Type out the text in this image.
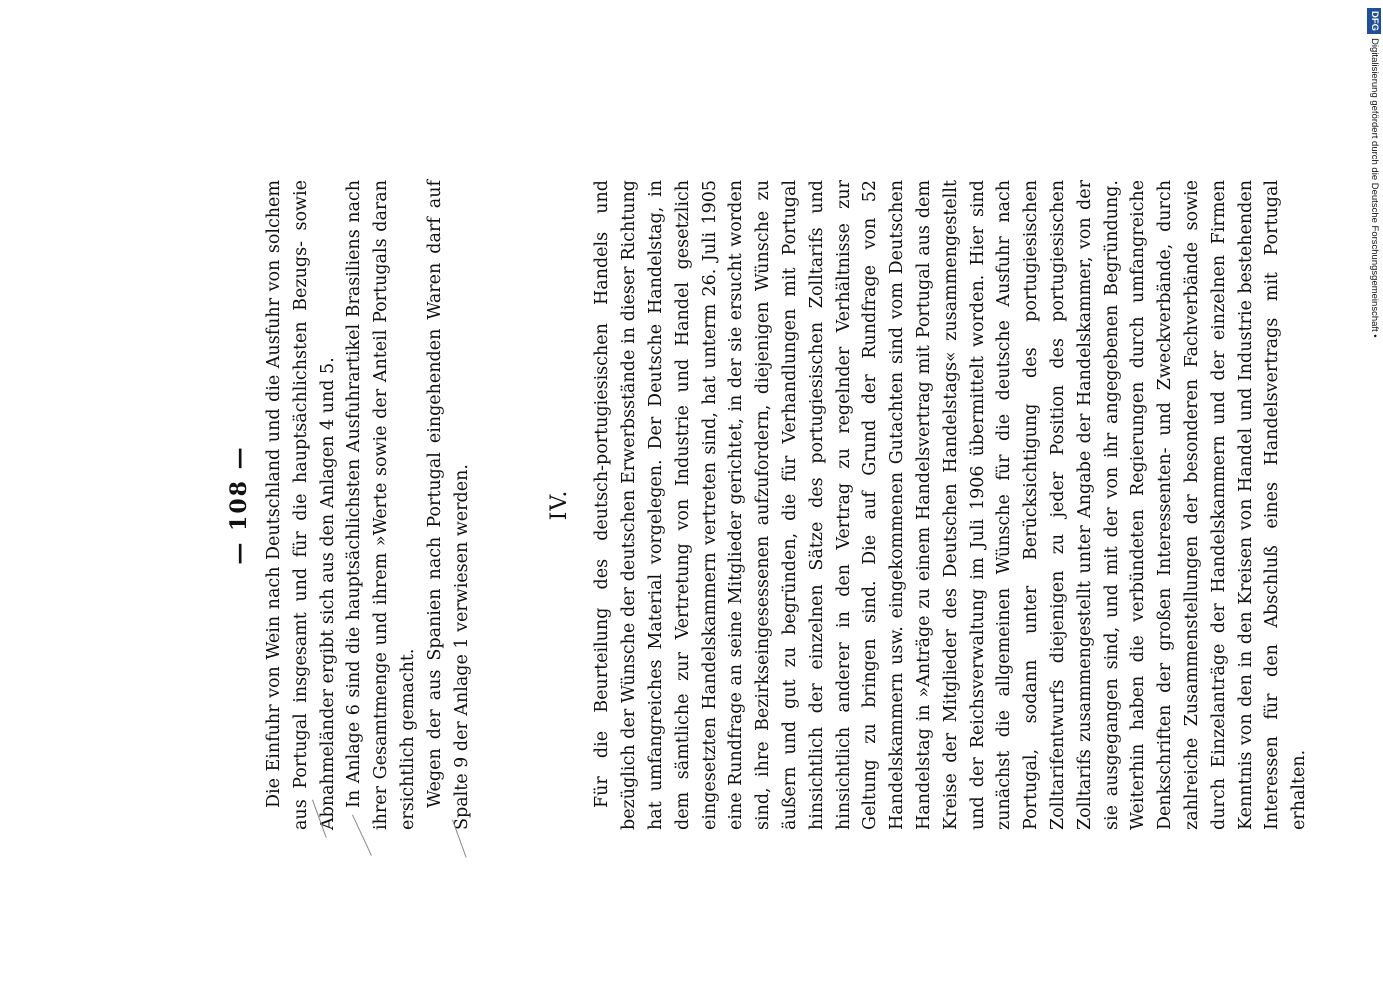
— 108 — Die Einfuhr von Wein nach Deutschland und die Ausfuhr von solchem aus Portugal insgesamt und für die hauptsächlichsten Bezugs- sowie Abnahmeländer ergibt sich aus den Anlagen 4 und 5. In Anlage 6 sind die hauptsächlichsten Ausfuhrartikel Brasiliens nach ihrer Gesamtmenge und ihrem »Werte sowie der Anteil Portugals daran ersichtlich gemacht. Wegen der aus Spanien nach Portugal eingehenden Waren darf auf Spalte 9 der Anlage 1 verwiesen werden.	IV. Für die Beurteilung des deutsch-portugiesischen Handels und bezüglich der Wünsche der deutschen Erwerbsstände in dieser Richtung hat umfangreiches Material vorgelegen. Der Deutsche Handelstag, in dem sämtliche zur Vertretung von Industrie und Handel gesetzlich eingesetzten Handelskammern vertreten sind, hat unterm 26. Juli 1905 eine Rundfrage an seine Mitglieder gerichtet, in der sie ersucht worden sind, ihre Bezirkseingesessenen aufzufordern, diejenigen Wünsche zu äußern und gut zu begründen, die für Verhandlungen mit Portugal hinsichtlich der einzelnen Sätze des portugiesischen Zolltarifs und hinsichtlich anderer in den Vertrag zu regelnder Verhältnisse zur Geltung zu bringen sind. Die auf Grund der Rundfrage von 52 Handelskammern usw. eingekommenen Gutachten sind vom Deutschen Handelstag in »Anträge zu einem Handelsvertrag mit Portugal aus dem Kreise der Mitglieder des Deutschen Handelstags« zusammengestellt und der Reichsverwaltung im Juli 1906 übermittelt worden. Hier sind zunächst die allgemeinen Wünsche für die deutsche Ausfuhr nach Portugal, sodann unter Berücksichtigung des portugiesischen Zolltarifentwurfs diejenigen zu jeder Position des portugiesischen Zolltarifs zusammengestellt unter Angabe der Handelskammer, von der sie ausgegangen sind, und mit der von ihr angegebenen Begründung. Weiterhin haben die verbündeten Regierungen durch umfangreiche Denkschriften der großen Interessenten- und Zweckverbände, durch zahlreiche Zusammenstellungen der besonderen Fachverbände sowie durch Einzelanträge der Handelskammern und der einzelnen Firmen Kenntnis von den in den Kreisen von Handel und Industrie bestehenden Interessen für den Abschluß eines Handelsvertrags mit Portugal erhalten.

DFGDigitalisierung gefördert durch die Deutsche Forschungsgemeinschaft •
